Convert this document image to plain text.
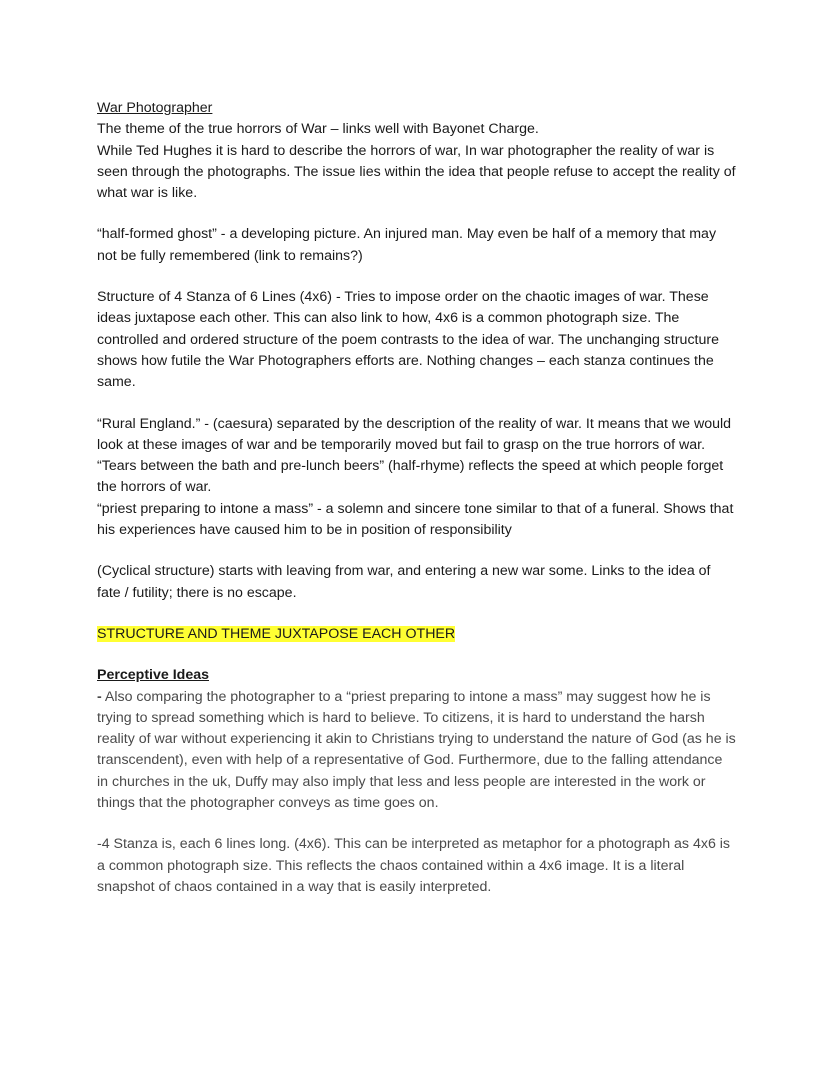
War Photographer
The theme of the true horrors of War – links well with Bayonet Charge.
While Ted Hughes it is hard to describe the horrors of war, In war photographer the reality of war is seen through the photographs. The issue lies within the idea that people refuse to accept the reality of what war is like.
“half-formed ghost” - a developing picture. An injured man. May even be half of a memory that may not be fully remembered (link to remains?)
Structure of 4 Stanza of 6 Lines (4x6) - Tries to impose order on the chaotic images of war. These ideas juxtapose each other. This can also link to how, 4x6 is a common photograph size. The controlled and ordered structure of the poem contrasts to the idea of war. The unchanging structure shows how futile the War Photographers efforts are. Nothing changes – each stanza continues the same.
“Rural England.” - (caesura) separated by the description of the reality of war. It means that we would look at these images of war and be temporarily moved but fail to grasp on the true horrors of war.
“Tears between the bath and pre-lunch beers” (half-rhyme) reflects the speed at which people forget the horrors of war.
“priest preparing to intone a mass” - a solemn and sincere tone similar to that of a funeral. Shows that his experiences have caused him to be in position of responsibility
(Cyclical structure) starts with leaving from war, and entering a new war some. Links to the idea of fate / futility; there is no escape.
STRUCTURE AND THEME JUXTAPOSE EACH OTHER
Perceptive Ideas
- Also comparing the photographer to a “priest preparing to intone a mass” may suggest how he is trying to spread something which is hard to believe. To citizens, it is hard to understand the harsh reality of war without experiencing it akin to Christians trying to understand the nature of God (as he is transcendent), even with help of a representative of God. Furthermore, due to the falling attendance in churches in the uk, Duffy may also imply that less and less people are interested in the work or things that the photographer conveys as time goes on.
-4 Stanza is, each 6 lines long. (4x6). This can be interpreted as metaphor for a photograph as 4x6 is a common photograph size. This reflects the chaos contained within a 4x6 image. It is a literal snapshot of chaos contained in a way that is easily interpreted.
